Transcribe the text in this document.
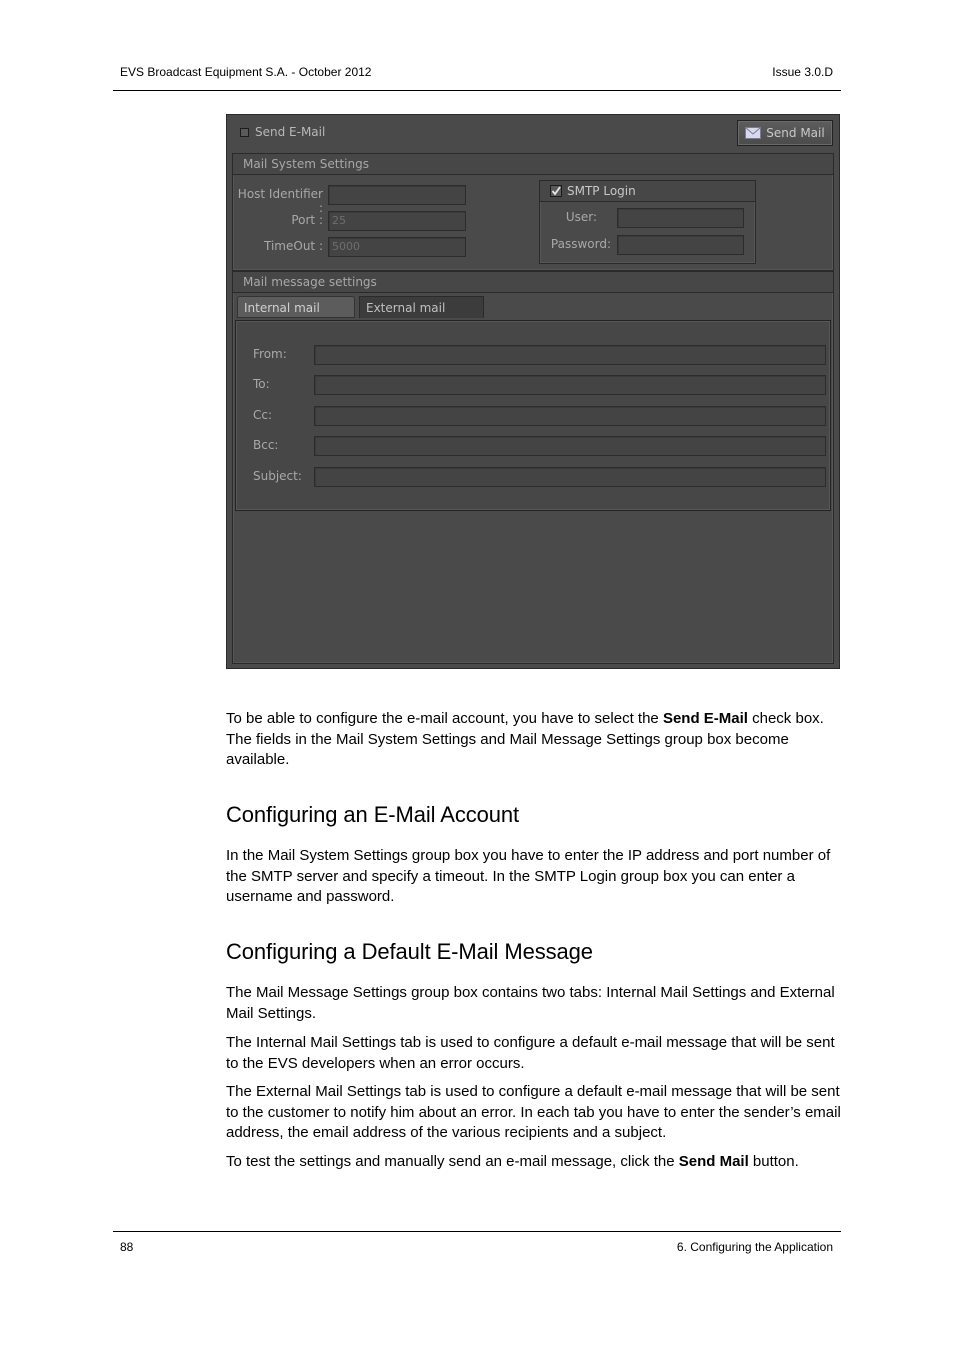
EVS Broadcast Equipment S.A. - October 2012	Issue 3.0.D
Send E-Mail	Send Mail
Mail System Settings
Host Identifier :
Port : 25
TimeOut : 5000
SMTP Login
User:
Password:
Mail message settings
Internal mail	External mail
From:
To:
Cc:
Bcc:
Subject:

To be able to configure the e-mail account, you have to select the Send E-Mail check box. The fields in the Mail System Settings and Mail Message Settings group box become available.

Configuring an E-Mail Account

In the Mail System Settings group box you have to enter the IP address and port number of the SMTP server and specify a timeout. In the SMTP Login group box you can enter a username and password.

Configuring a Default E-Mail Message

The Mail Message Settings group box contains two tabs: Internal Mail Settings and External Mail Settings.

The Internal Mail Settings tab is used to configure a default e-mail message that will be sent to the EVS developers when an error occurs.

The External Mail Settings tab is used to configure a default e-mail message that will be sent to the customer to notify him about an error. In each tab you have to enter the sender’s email address, the email address of the various recipients and a subject.

To test the settings and manually send an e-mail message, click the Send Mail button.

88	6. Configuring the Application
